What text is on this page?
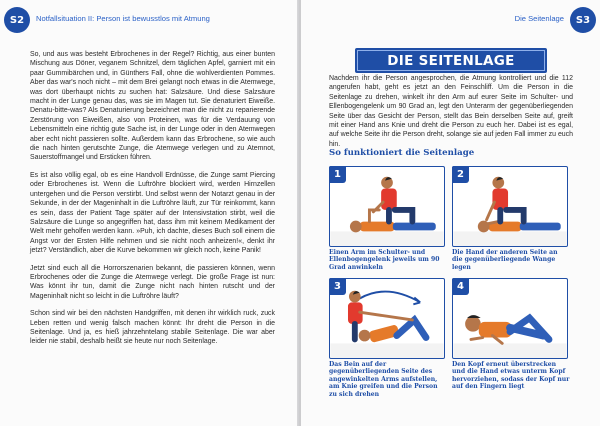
S2	Notfallsituation II: Person ist bewusstlos mit Atmung

So, und aus was besteht Erbrochenes in der Regel? Richtig, aus einer bunten Mischung aus Döner, veganem Schnitzel, dem täglichen Apfel, garniert mit ein paar Gummibärchen und, in Günthers Fall, ohne die wohlverdienten Pommes. Aber das war's noch nicht – mit dem Brei gelangt noch etwas in die Atemwege, was dort überhaupt nichts zu suchen hat: Salzsäure. Und diese Salzsäure macht in der Lunge genau das, was sie im Magen tut. Sie denaturiert Eiweiße. Denatu-bitte-was? Als Denaturierung bezeichnet man die nicht zu reparierende Zerstörung von Eiweißen, also von Proteinen, was für die Verdauung von Lebensmitteln eine richtig gute Sache ist, in der Lunge oder in den Atemwegen aber echt nicht passieren sollte. Außerdem kann das Erbrochene, so wie auch die nach hinten gerutschte Zunge, die Atemwege verlegen und zu Atemnot, Sauerstoffmangel und Ersticken führen.

Es ist also völlig egal, ob es eine Handvoll Erdnüsse, die Zunge samt Piercing oder Erbrochenes ist. Wenn die Luftröhre blockiert wird, werden Hirnzellen untergehen und die Person verstirbt. Und selbst wenn der Notarzt genau in der Sekunde, in der der Mageninhalt in die Luftröhre läuft, zur Tür reinkommt, kann es sein, dass der Patient Tage später auf der Intensivstation stirbt, weil die Salzsäure die Lunge so angegriffen hat, dass ihm mit keinem Medikament der Welt mehr geholfen werden kann. »Puh, ich dachte, dieses Buch soll einem die Angst vor der Ersten Hilfe nehmen und sie nicht noch anheizen!«, denkt ihr jetzt? Verständlich, aber die Kurve bekommen wir gleich noch, keine Panik!

Jetzt sind euch all die Horrorszenarien bekannt, die passieren können, wenn Erbrochenes oder die Zunge die Atemwege verlegt. Die große Frage ist nun: Was könnt ihr tun, damit die Zunge nicht nach hinten rutscht und der Mageninhalt nicht so leicht in die Luftröhre läuft?

Schon sind wir bei den nächsten Handgriffen, mit denen ihr wirklich ruck, zuck Leben retten und wenig falsch machen könnt: Ihr dreht die Person in die Seitenlage. Und ja, es hieß jahrzehntelang stabile Seitenlage. Die war aber leider nie stabil, deshalb heißt sie heute nur noch Seitenlage.

Die Seitenlage	S3
DIE SEITENLAGE

Nachdem ihr die Person angesprochen, die Atmung kontrolliert und die 112 angerufen habt, geht es jetzt an den Feinschliff. Um die Person in die Seitenlage zu drehen, winkelt ihr den Arm auf eurer Seite im Schulter- und Ellenbogengelenk um 90 Grad an, legt den Unterarm der gegenüberliegenden Seite über das Gesicht der Person, stellt das Bein derselben Seite auf, greift mit einer Hand ans Knie und dreht die Person zu euch her. Dabei ist es egal, auf welche Seite ihr die Person dreht, solange sie auf jeden Fall immer zu euch hin.

So funktioniert die Seitenlage
1	2
3	4
Einen Arm im Schulter- und Ellenbogengelenk jeweils um 90 Grad anwinkeln
Die Hand der anderen Seite an die gegenüberliegende Wange legen
Das Bein auf der gegenüberliegenden Seite des angewinkelten Arms aufstellen, am Knie greifen und die Person zu sich drehen
Den Kopf erneut überstrecken und die Hand etwas unterm Kopf hervorziehen, sodass der Kopf nur auf den Fingern liegt
